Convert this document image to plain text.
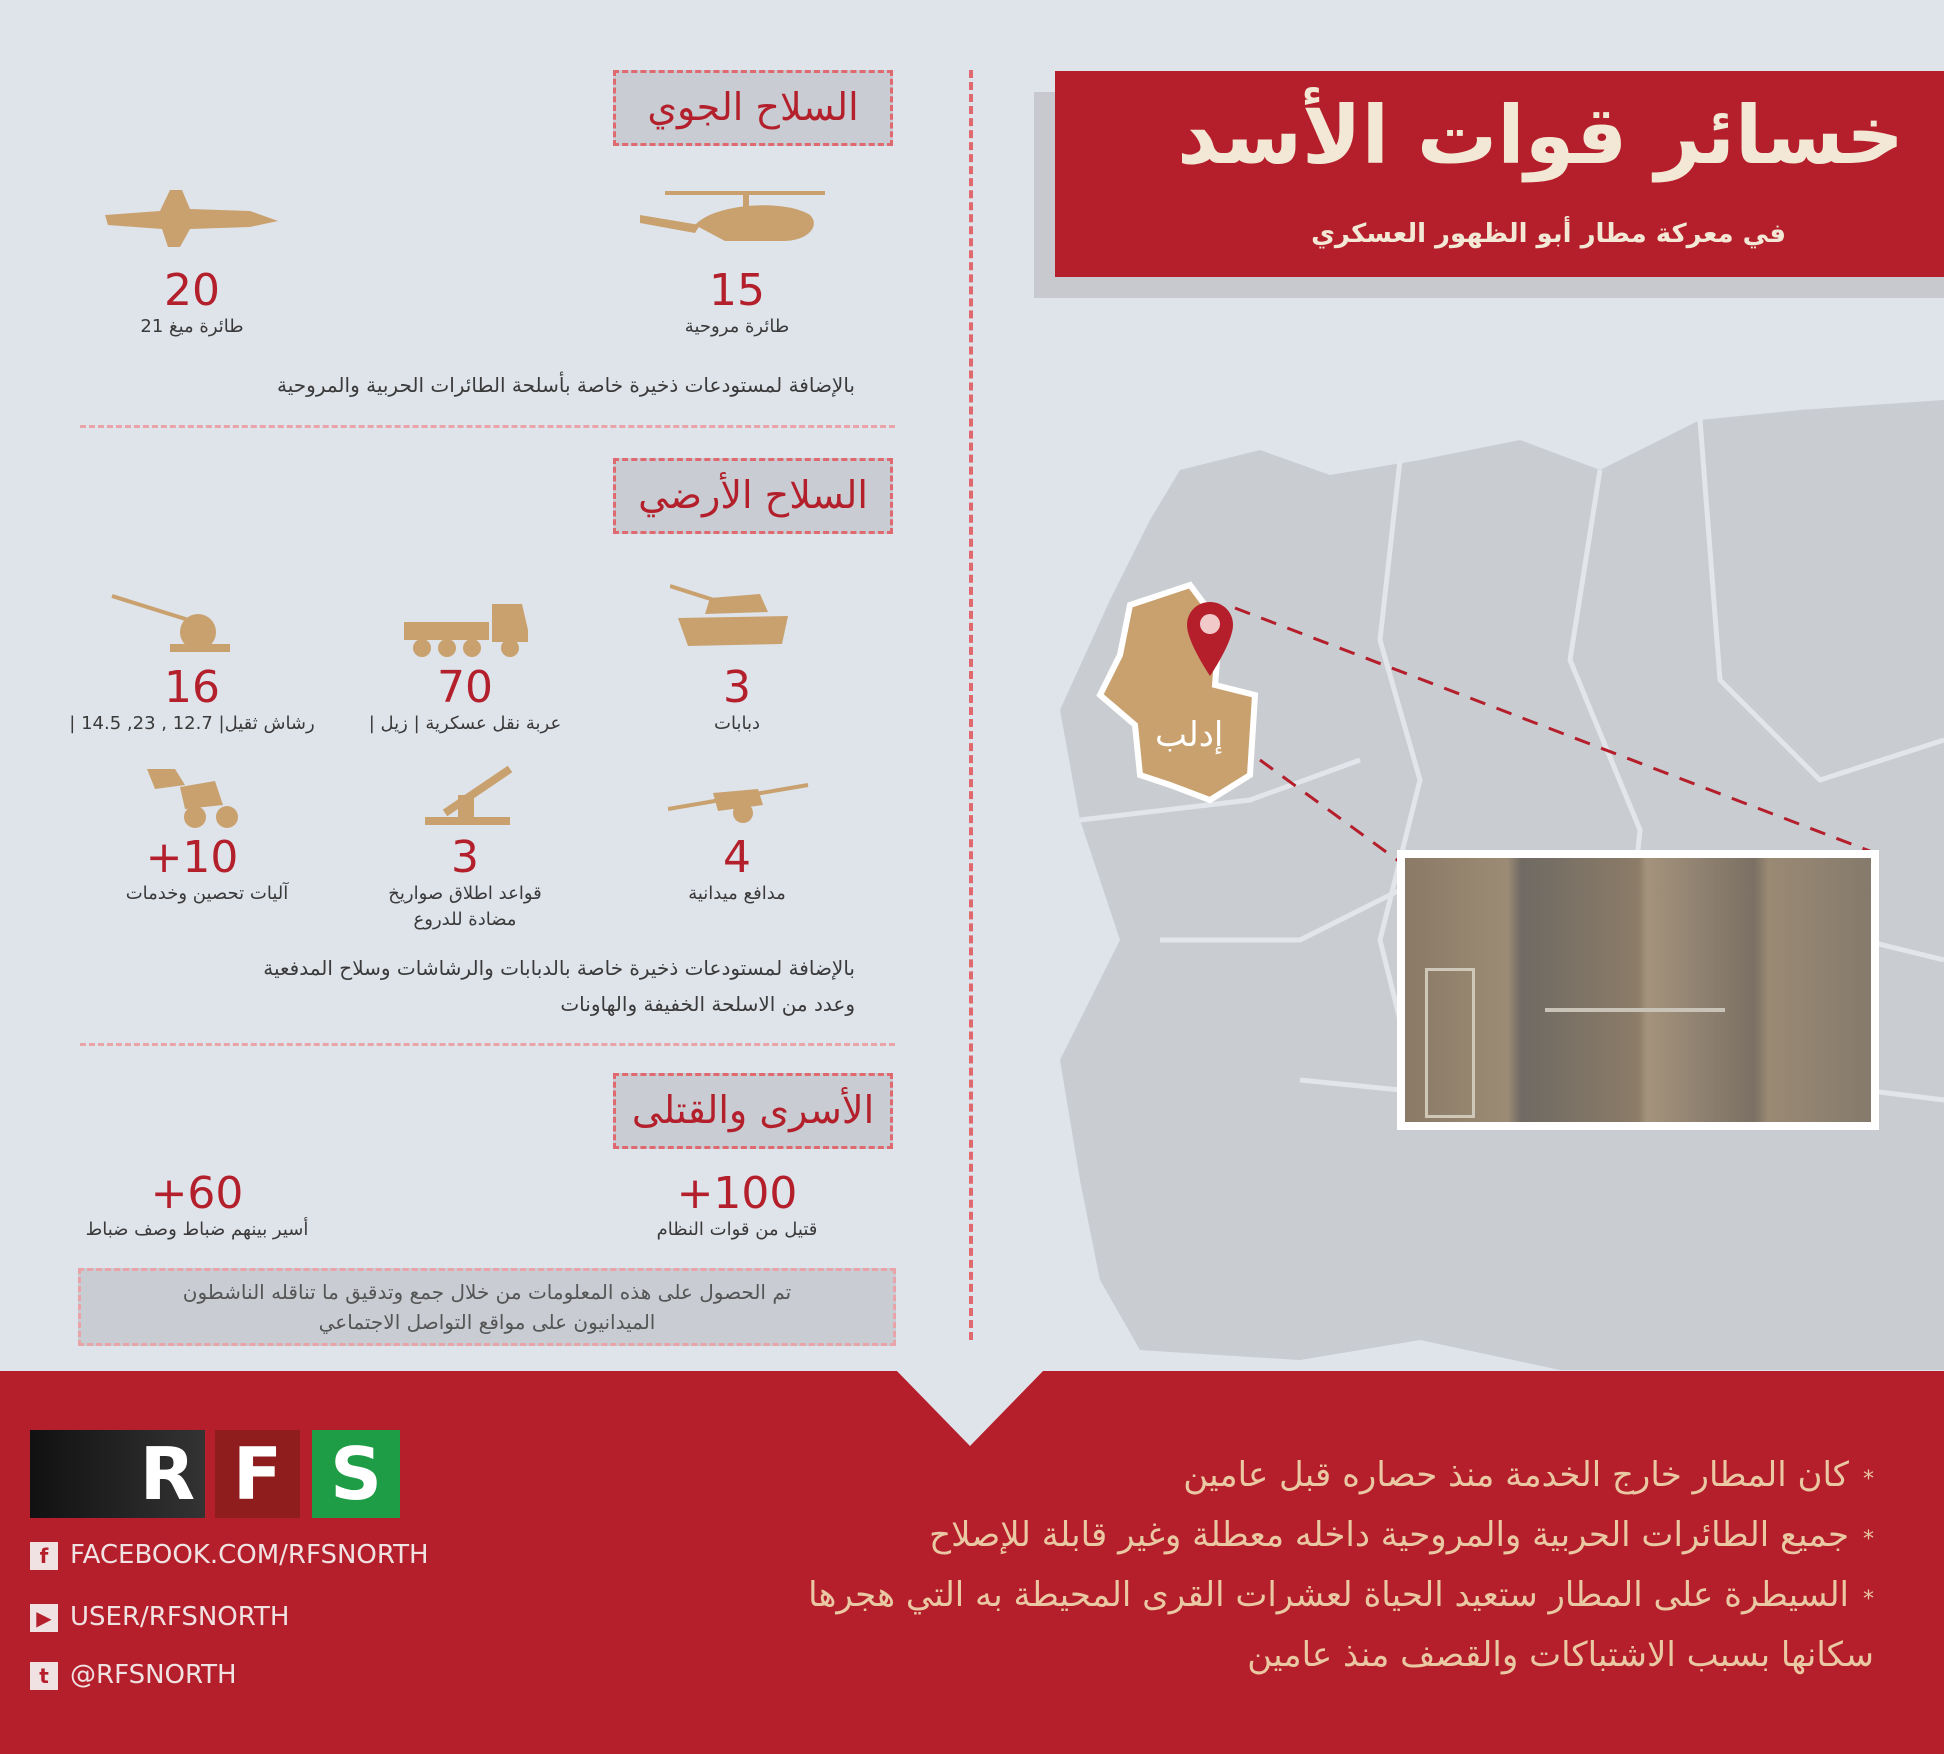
إدلب
خسائر قوات الأسد
في معركة مطار أبو الظهور العسكري
السلاح الجوي
15
طائرة مروحية
20
طائرة ميغ 21
بالإضافة لمستودعات ذخيرة خاصة بأسلحة الطائرات الحربية والمروحية
السلاح الأرضي
3
دبابات
70
عربة نقل عسكرية | زيل |
16
رشاش ثقيل| 12.7 , 23, 14.5 |
4
مدافع ميدانية
3
قواعد اطلاق صواريخ
مضادة للدروع
+10
آليات تحصين وخدمات
بالإضافة لمستودعات ذخيرة خاصة بالدبابات والرشاشات وسلاح المدفعية
وعدد من الاسلحة الخفيفة والهاونات
الأسرى والقتلى
+100
قتيل من قوات النظام
+60
أسير بينهم ضباط وصف ضباط
تم الحصول على هذه المعلومات من خلال جمع وتدقيق ما تناقله الناشطون
الميدانيون على مواقع التواصل الاجتماعي
R F S
f FACEBOOK.COM/RFSNORTH
▶ USER/RFSNORTH
t @RFSNORTH
*كان المطار خارج الخدمة منذ حصاره قبل عامين
*جميع الطائرات الحربية والمروحية داخله معطلة وغير قابلة للإصلاح
*السيطرة على المطار ستعيد الحياة لعشرات القرى المحيطة به التي هجرها
سكانها بسبب الاشتباكات والقصف منذ عامين
